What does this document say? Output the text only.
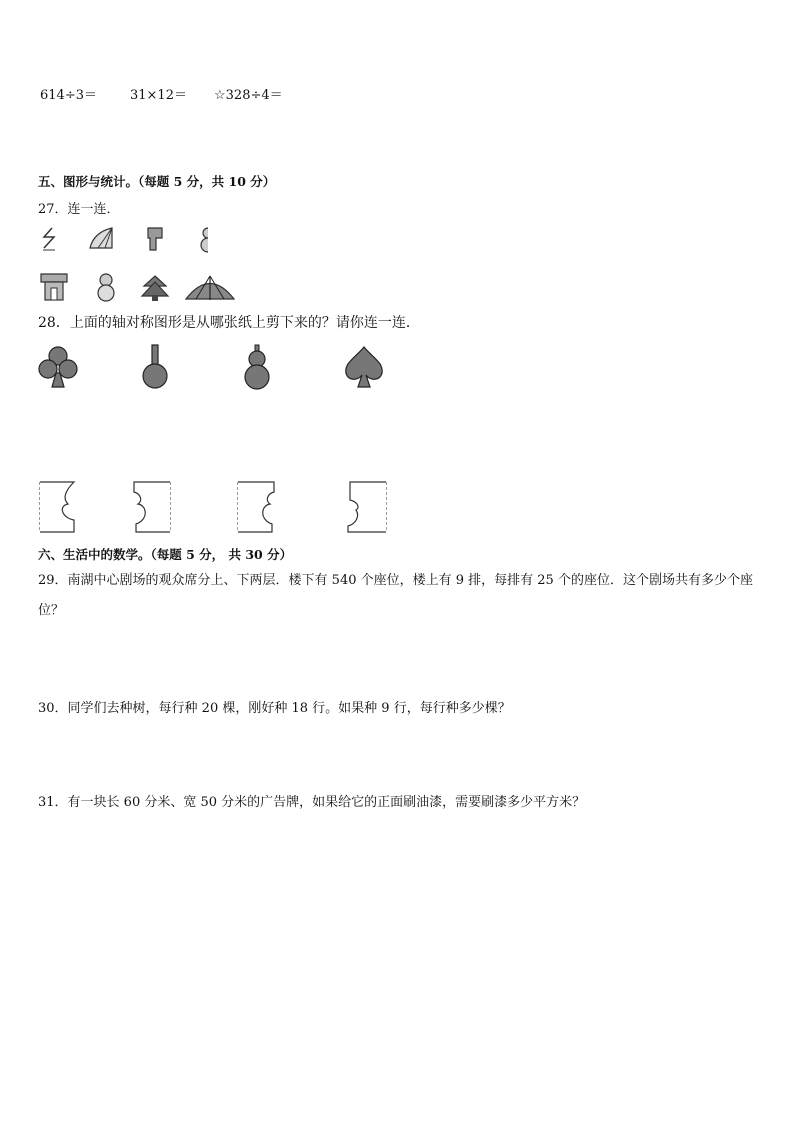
614÷3＝	31×12＝ ☆328÷4＝
五、图形与统计。（每题 5 分，共 10 分）
27．连一连．
28．上面的轴对称图形是从哪张纸上剪下来的？请你连一连．
六、生活中的数学。（每题 5 分， 共 30 分）
29．南湖中心剧场的观众席分上、下两层．楼下有 540 个座位，楼上有 9 排，每排有 25 个的座位．这个剧场共有多少个座位？
30．同学们去种树，每行种 20 棵，刚好种 18 行。如果种 9 行，每行种多少棵？
31．有一块长 60 分米、宽 50 分米的广告牌，如果给它的正面刷油漆，需要刷漆多少平方米？
